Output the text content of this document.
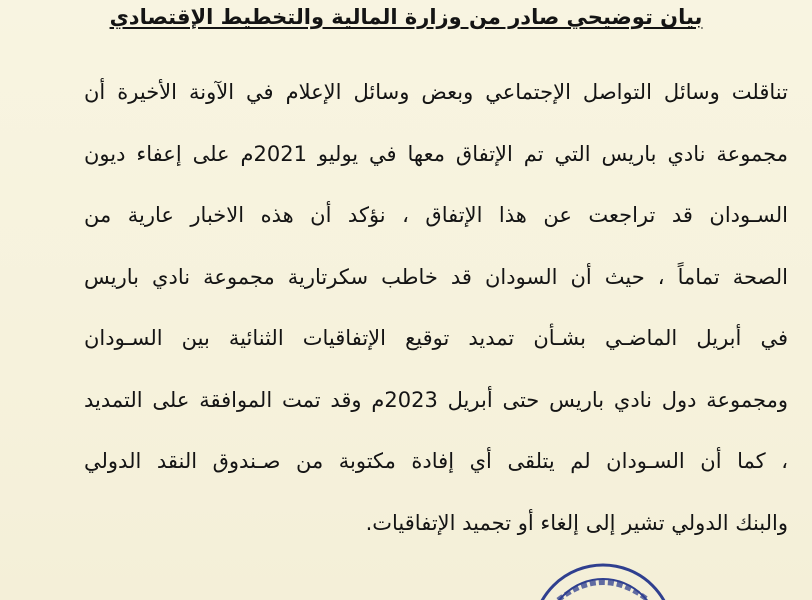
بيان توضيحي صادر من وزارة المالية والتخطيط الإقتصادي
تناقلت وسائل التواصل الإجتماعي وبعض وسائل الإعلام في الآونة الأخيرة أن
مجموعة نادي باريس التي تم الإتفاق معها في يوليو 2021م على إعفاء ديون
السـودان قد تراجعت عن هذا الإتفاق ، نؤكد أن هذه الاخبار عارية من
الصحة تماماً ، حيث أن السودان قد خاطب سكرتارية مجموعة نادي باريس
في أبريل الماضـي بشـأن تمديد توقيع الإتفاقيات الثنائية بين السـودان
ومجموعة دول نادي باريس حتى أبريل 2023م وقد تمت الموافقة على التمديد
، كما أن السـودان لم يتلقى أي إفادة مكتوبة من صـندوق النقد الدولي
والبنك الدولي تشير إلى إلغاء أو تجميد الإتفاقيات.
